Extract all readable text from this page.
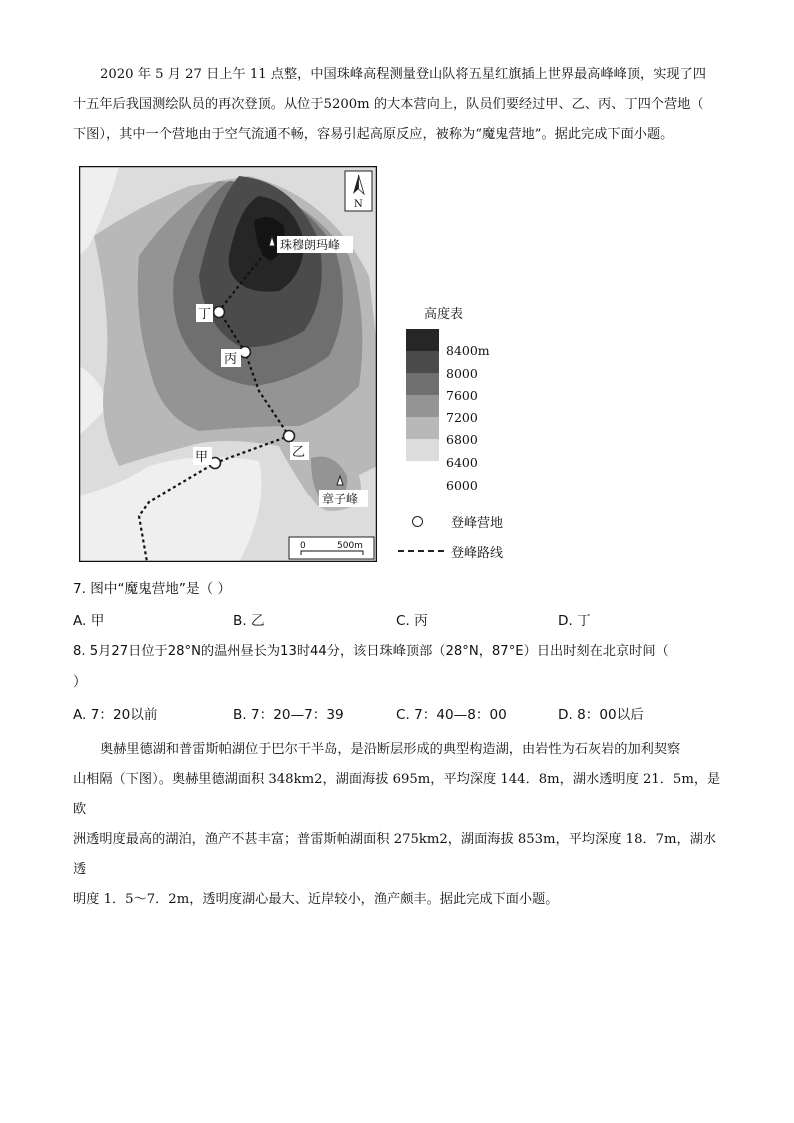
2020 年 5 月 27 日上午 11 点整，中国珠峰高程测量登山队将五星红旗插上世界最高峰峰顶，实现了四
十五年后我国测绘队员的再次登顶。从位于5200m 的大本营向上，队员们要经过甲、乙、丙、丁四个营地（
下图），其中一个营地由于空气流通不畅，容易引起高原反应，被称为“魔鬼营地”。据此完成下面小题。

珠穆朗玛峰
丁
丙
乙
甲
章子峰
N
0	500m
高度表
8400m
8000
7600
7200
6800
6400
6000
登峰营地
登峰路线

7. 图中“魔鬼营地”是（ ）

A. 甲	B. 乙	C. 丙	D. 丁

8. 5月27日位于28°N的温州昼长为13时44分，该日珠峰顶部（28°N，87°E）日出时刻在北京时间（

）

A. 7：20以前	B. 7：20—7：39	C. 7：40—8：00	D. 8：00以后

奥赫里德湖和普雷斯帕湖位于巴尔干半岛，是沿断层形成的典型构造湖，由岩性为石灰岩的加利契察
山相隔（下图）。奥赫里德湖面积 348km2，湖面海拔 695m，平均深度 144．8m，湖水透明度 21．5m，是欧
洲透明度最高的湖泊，渔产不甚丰富；普雷斯帕湖面积 275km2，湖面海拔 853m，平均深度 18．7m，湖水透
明度 1．5～7．2m，透明度湖心最大、近岸较小，渔产颇丰。据此完成下面小题。
